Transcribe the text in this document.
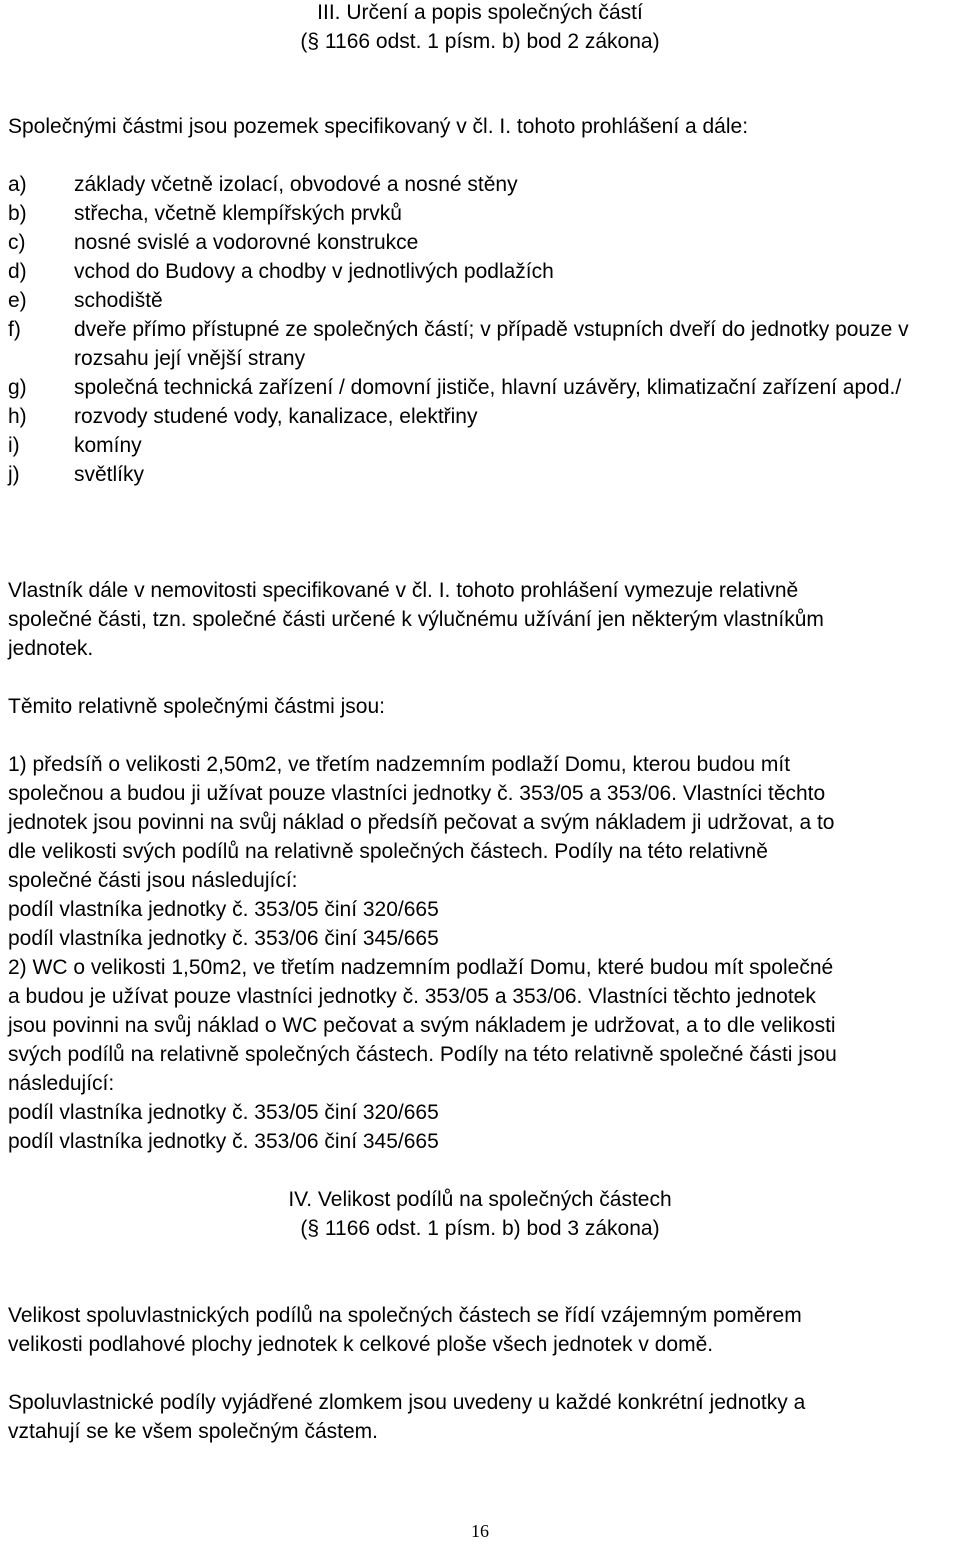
III. Určení a popis společných částí
(§ 1166 odst. 1 písm. b) bod 2 zákona)
Společnými částmi jsou pozemek specifikovaný v čl. I. tohoto prohlášení a dále:
a)	základy včetně izolací, obvodové a nosné stěny
b)	střecha, včetně klempířských prvků
c)	nosné svislé a vodorovné konstrukce
d)	vchod do Budovy a chodby v jednotlivých podlažích
e)	schodiště
f)	dveře přímo přístupné ze společných částí; v případě vstupních dveří do jednotky pouze v rozsahu její vnější strany
g)	společná technická zařízení / domovní jističe, hlavní uzávěry, klimatizační zařízení apod./
h)	rozvody studené vody, kanalizace, elektřiny
i)	komíny
j)	světlíky
Vlastník dále v nemovitosti specifikované v čl. I. tohoto prohlášení vymezuje relativně
společné části, tzn. společné části určené k výlučnému užívání jen některým vlastníkům
jednotek.
Těmito relativně společnými částmi jsou:
1) předsíň o velikosti 2,50m2, ve třetím nadzemním podlaží Domu, kterou budou mít
společnou a budou ji užívat pouze vlastníci jednotky č. 353/05 a 353/06. Vlastníci těchto
jednotek jsou povinni na svůj náklad o předsíň pečovat a svým nákladem ji udržovat, a to
dle velikosti svých podílů na relativně společných částech. Podíly na této relativně
společné části jsou následující:
podíl vlastníka jednotky č. 353/05 činí 320/665
podíl vlastníka jednotky č. 353/06 činí 345/665
2) WC o velikosti 1,50m2, ve třetím nadzemním podlaží Domu, které budou mít společné
a budou je užívat pouze vlastníci jednotky č. 353/05 a 353/06. Vlastníci těchto jednotek
jsou povinni na svůj náklad o WC pečovat a svým nákladem je udržovat, a to dle velikosti
svých podílů na relativně společných částech. Podíly na této relativně společné části jsou
následující:
podíl vlastníka jednotky č. 353/05 činí 320/665
podíl vlastníka jednotky č. 353/06 činí 345/665
IV. Velikost podílů na společných částech
(§ 1166 odst. 1 písm. b) bod 3 zákona)
Velikost spoluvlastnických podílů na společných částech se řídí vzájemným poměrem
velikosti podlahové plochy jednotek k celkové ploše všech jednotek v domě.
Spoluvlastnické podíly vyjádřené zlomkem jsou uvedeny u každé konkrétní jednotky a
vztahují se ke všem společným částem.
16
